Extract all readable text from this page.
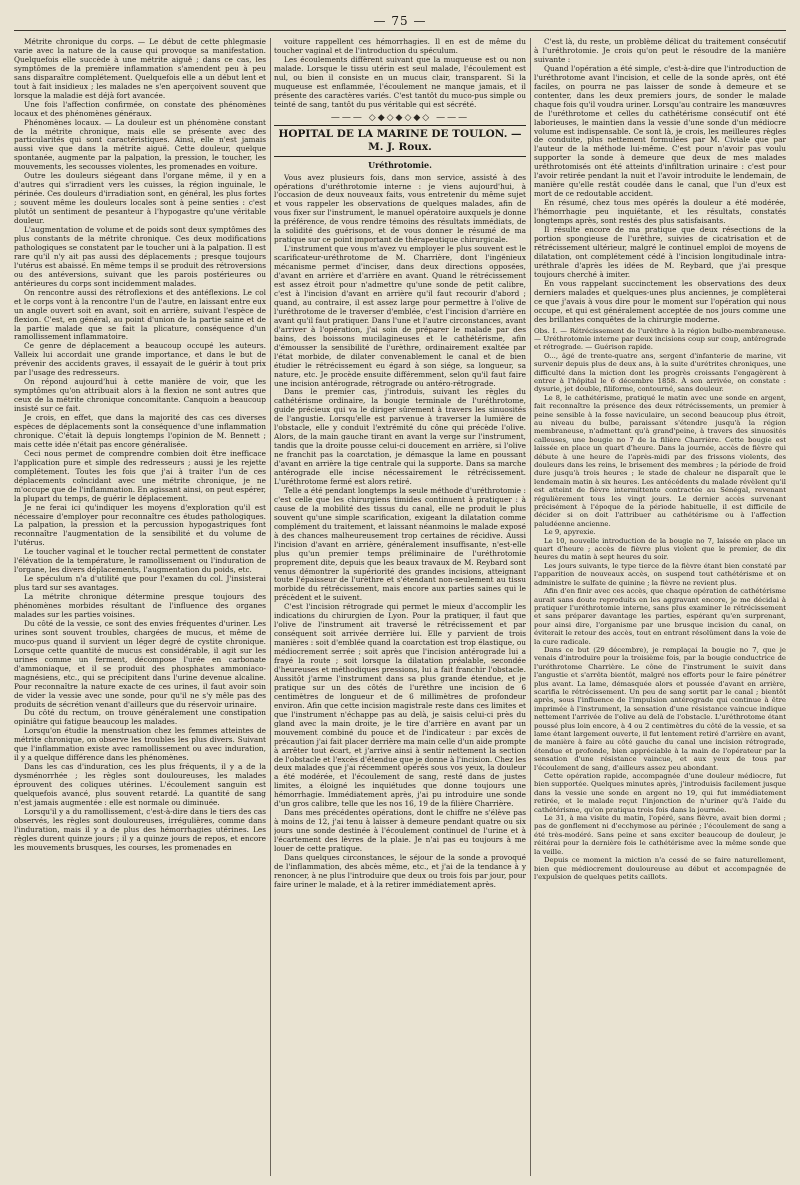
— 75 —

Métrite chronique du corps. — Le début de cette phlegmasie varie avec la nature de la cause qui provoque sa manifestation. Quelquefois elle succède à une métrite aiguë ; dans ce cas, les symptômes de la première inflammation s'amendent peu à peu sans disparaître complétement. Quelquefois elle a un début lent et tout à fait insidieux ; les malades ne s'en aperçoivent souvent que lorsque la maladie est déjà fort avancée.

Une fois l'affection confirmée, on constate des phénomènes locaux et des phénomènes généraux.

Phénomènes locaux. — La douleur est un phénomène constant de la métrite chronique, mais elle se présente avec des particularités qui sont caractéristiques. Ainsi, elle n'est jamais aussi vive que dans la métrite aiguë. Cette douleur, quelque spontanée, augmente par la palpation, la pression, le toucher, les mouvements, les secousses violentes, les promenades en voiture.

Outre les douleurs siégeant dans l'organe même, il y en a d'autres qui s'irradient vers les cuisses, la région inguinale, le périnée. Ces douleurs d'irradiation sont, en général, les plus fortes ; souvent même les douleurs locales sont à peine senties : c'est plutôt un sentiment de pesanteur à l'hypogastre qu'une véritable douleur.

L'augmentation de volume et de poids sont deux symptômes des plus constants de la métrite chronique. Ces deux modifications pathologiques se constatent par le toucher uni à la palpation. Il est rare qu'il n'y ait pas aussi des déplacements ; presque toujours l'utérus est abaissé. En même temps il se produit des rétroversions ou des antéversions, suivant que les parois postérieures ou antérieures du corps sont incidemment malades.

On rencontre aussi des rétroflexions et des antéflexions. Le col et le corps vont à la rencontre l'un de l'autre, en laissant entre eux un angle ouvert soit en avant, soit en arrière, suivant l'espèce de flexion. C'est, en général, au point d'union de la partie saine et de la partie malade que se fait la plicature, conséquence d'un ramollissement inflammatoire.

Ce genre de déplacement a beaucoup occupé les auteurs. Valleix lui accordait une grande importance, et dans le but de prévenir des accidents graves, il essayait de le guérir à tout prix par l'usage des redresseurs.

On répond aujourd'hui à cette manière de voir, que les symptômes qu'on attribuait alors à la flexion ne sont autres que ceux de la métrite chronique concomitante. Canquoin a beaucoup insisté sur ce fait.

Je crois, en effet, que dans la majorité des cas ces diverses espèces de déplacements sont la conséquence d'une inflammation chronique. C'était là depuis longtemps l'opinion de M. Bennett ; mais cette idée n'était pas encore généralisée.

Ceci nous permet de comprendre combien doit être inefficace l'application pure et simple des redresseurs ; aussi je les rejette complétement. Toutes les fois que j'ai à traiter l'un de ces déplacements coïncidant avec une métrite chronique, je ne m'occupe que de l'inflammation. En agissant ainsi, on peut espérer, la plupart du temps, de guérir le déplacement.

Je ne ferai ici qu'indiquer les moyens d'exploration qu'il est nécessaire d'employer pour reconnaître ces études pathologiques. La palpation, la pression et la percussion hypogastriques font reconnaître l'augmentation de la sensibilité et du volume de l'utérus.

Le toucher vaginal et le toucher rectal permettent de constater l'élévation de la température, le ramollissement ou l'induration de l'organe, les divers déplacements, l'augmentation du poids, etc.

Le spéculum n'a d'utilité que pour l'examen du col. J'insisterai plus tard sur ses avantages.

La métrite chronique détermine presque toujours des phénomènes morbides résultant de l'influence des organes malades sur les parties voisines.

Du côté de la vessie, ce sont des envies fréquentes d'uriner. Les urines sont souvent troubles, chargées de mucus, et même de muco-pus quand il survient un léger degré de cystite chronique. Lorsque cette quantité de mucus est considérable, il agit sur les urines comme un ferment, décompose l'urée en carbonate d'ammoniaque, et il se produit des phosphates ammoniaco-magnésiens, etc., qui se précipitent dans l'urine devenue alcaline. Pour reconnaître la nature exacte de ces urines, il faut avoir soin de vider la vessie avec une sonde, pour qu'il ne s'y mêle pas des produits de sécrétion venant d'ailleurs que du réservoir urinaire.

Du côté du rectum, on trouve généralement une constipation opiniâtre qui fatigue beaucoup les malades.

Lorsqu'on étudie la menstruation chez les femmes atteintes de métrite chronique, on observe les troubles les plus divers. Suivant que l'inflammation existe avec ramollissement ou avec induration, il y a quelque différence dans les phénomènes.

Dans les cas d'induration, ces les plus fréquents, il y a de la dysménorrhée ; les règles sont douloureuses, les malades éprouvent des coliques utérines. L'écoulement sanguin est quelquefois avancé, plus souvent retardé. La quantité de sang n'est jamais augmentée : elle est normale ou diminuée.

Lorsqu'il y a du ramollissement, c'est-à-dire dans le tiers des cas observés, les règles sont douloureuses, irrégulières, comme dans l'induration, mais il y a de plus des hémorrhagies utérines. Les règles durent quinze jours ; il y a quinze jours de repos, et encore les mouvements brusques, les courses, les promenades en

voiture rappellent ces hémorrhagies. Il en est de même du toucher vaginal et de l'introduction du spéculum.

Les écoulements diffèrent suivant que la muqueuse est ou non malade. Lorsque le tissu utérin est seul malade, l'écoulement est nul, ou bien il consiste en un mucus clair, transparent. Si la muqueuse est enflammée, l'écoulement ne manque jamais, et il présente des caractères variés. C'est tantôt du muco-pus simple ou teinté de sang, tantôt du pus véritable qui est sécrété.

——— ◇◆◇◆◇◆◇ ———
HOPITAL DE LA MARINE DE TOULON. — M. J. Roux.
Uréthrotomie.

Vous avez plusieurs fois, dans mon service, assisté à des opérations d'uréthrotomie interne : je viens aujourd'hui, à l'occasion de deux nouveaux faits, vous entretenir du même sujet et vous rappeler les observations de quelques malades, afin de vous fixer sur l'instrument, le manuel opératoire auxquels je donne la préférence, de vous rendre témoins des résultats immédiats, de la solidité des guérisons, et de vous donner le résumé de ma pratique sur ce point important de thérapeutique chirurgicale.

L'instrument que vous m'avez vu employer le plus souvent est le scarificateur-uréthrotome de M. Charrière, dont l'ingénieux mécanisme permet d'inciser, dans deux directions opposées, d'avant en arrière et d'arrière en avant. Quand le rétrécissement est assez étroit pour n'admettre qu'une sonde de petit calibre, c'est à l'incision d'avant en arrière qu'il faut recourir d'abord ; quand, au contraire, il est assez large pour permettre à l'olive de l'uréthrotome de le traverser d'emblée, c'est l'incision d'arrière en avant qu'il faut pratiquer. Dans l'une et l'autre circonstances, avant d'arriver à l'opération, j'ai soin de préparer le malade par des bains, des boissons mucilagineuses et le cathétérisme, afin d'émousser la sensibilité de l'urèthre, ordinairement exaltée par l'état morbide, de dilater convenablement le canal et de bien étudier le rétrécissement eu égard à son siége, sa longueur, sa nature, etc. Je procède ensuite différemment, selon qu'il faut faire une incision antérograde, rétrograde ou antéro-rétrograde.

Dans le premier cas, j'introduis, suivant les règles du cathétérisme ordinaire, la bougie terminale de l'uréthrotome, guide précieux qui va le diriger sûrement à travers les sinuosités de l'angustie. Lorsqu'elle est parvenue à traverser la lumière de l'obstacle, elle y conduit l'extrémité du cône qui précède l'olive. Alors, de la main gauche tirant en avant la verge sur l'instrument, tandis que la droite pousse celui-ci doucement en arrière, si l'olive ne franchit pas la coarctation, je démasque la lame en poussant d'avant en arrière la tige centrale qui la supporte. Dans sa marche antérograde elle incise nécessairement le rétrécissement. L'uréthrotome fermé est alors retiré.

Telle a été pendant longtemps la seule méthode d'uréthrotomie : c'est celle que les chirurgiens timides continuent à pratiquer : à cause de la mobilité des tissus du canal, elle ne produit le plus souvent qu'une simple scarification, exigeant la dilatation comme complément du traitement, et laissant néanmoins le malade exposé à des chances malheureusement trop certaines de récidive. Aussi l'incision d'avant en arrière, généralement insuffisante, n'est-elle plus qu'un premier temps préliminaire de l'uréthrotomie proprement dite, depuis que les beaux travaux de M. Reybard sont venus démontrer la supériorité des grandes incisions, atteignant toute l'épaisseur de l'urèthre et s'étendant non-seulement au tissu morbide du rétrécissement, mais encore aux parties saines qui le précèdent et le suivent.

C'est l'incision rétrograde qui permet le mieux d'accomplir les indications du chirurgien de Lyon. Pour la pratiquer, il faut que l'olive de l'instrument ait traversé le rétrécissement et par conséquent soit arrivée derrière lui. Elle y parvient de trois manières : soit d'emblée quand la coarctation est trop élastique, ou médiocrement serrée ; soit après que l'incision antérograde lui a frayé la route ; soit lorsque la dilatation préalable, secondée d'heureuses et méthodiques pressions, lui a fait franchir l'obstacle. Aussitôt j'arme l'instrument dans sa plus grande étendue, et je pratique sur un des côtés de l'urèthre une incision de 6 centimètres de longueur et de 6 millimètres de profondeur environ. Afin que cette incision magistrale reste dans ces limites et que l'instrument n'échappe pas au delà, je saisis celui-ci près du gland avec la main droite, je le tire d'arrière en avant par un mouvement combiné du pouce et de l'indicateur : par excès de précaution j'ai fait placer derrière ma main celle d'un aide prompte à arrêter tout écart, et j'arrive ainsi à sentir nettement la section de l'obstacle et l'excès d'étendue que je donne à l'incision. Chez les deux malades que j'ai récemment opérés sous vos yeux, la douleur a été modérée, et l'écoulement de sang, resté dans de justes limites, a éloigné les inquiétudes que donne toujours une hémorrhagie. Immédiatement après, j'ai pu introduire une sonde d'un gros calibre, telle que les nos 16, 19 de la filière Charrière.

Dans mes précédentes opérations, dont le chiffre ne s'élève pas à moins de 12, j'ai tenu à laisser à demeure pendant quatre ou six jours une sonde destinée à l'écoulement continuel de l'urine et à l'écartement des lèvres de la plaie. Je n'ai pas eu toujours à me louer de cette pratique.

Dans quelques circonstances, le séjour de la sonde a provoqué de l'inflammation, des abcès même, etc., et j'ai de la tendance à y renoncer, à ne plus l'introduire que deux ou trois fois par jour, pour faire uriner le malade, et à la retirer immédiatement après.

C'est là, du reste, un problème délicat du traitement consécutif à l'uréthrotomie. Je crois qu'on peut le résoudre de la manière suivante :

Quand l'opération a été simple, c'est-à-dire que l'introduction de l'uréthrotome avant l'incision, et celle de la sonde après, ont été faciles, on pourra ne pas laisser de sonde à demeure et se contenter, dans les deux premiers jours, de sonder le malade chaque fois qu'il voudra uriner. Lorsqu'au contraire les manœuvres de l'uréthrotome et celles du cathétérisme consécutif ont été laborieuses, le maintien dans la vessie d'une sonde d'un médiocre volume est indispensable. Ce sont là, je crois, les meilleures règles de conduite, plus nettement formulées par M. Civiale que par l'auteur de la méthode lui-même. C'est pour n'avoir pas voulu supporter la sonde à demeure que deux de mes malades uréthrotomisés ont été atteints d'infiltration urinaire : c'est pour l'avoir retirée pendant la nuit et l'avoir introduite le lendemain, de manière qu'elle restât coudée dans le canal, que l'un d'eux est mort de ce redoutable accident.

En résumé, chez tous mes opérés la douleur a été modérée, l'hémorrhagie peu inquiétante, et les résultats, constatés longtemps après, sont restés des plus satisfaisants.

Il résulte encore de ma pratique que deux résections de la portion spongieuse de l'urèthre, suivies de cicatrisation et de rétrécissement ultérieur, malgré le continuel emploi de moyens de dilatation, ont complétement cédé à l'incision longitudinale intra-uréthrale d'après les idées de M. Reybard, que j'ai presque toujours cherché à imiter.

En vous rappelant succinctement les observations des deux derniers malades et quelques-unes plus anciennes, je complèterai ce que j'avais à vous dire pour le moment sur l'opération qui nous occupe, et qui est généralement acceptée de nos jours comme une des brillantes conquêtes de la chirurgie moderne.

Obs. I. — Rétrécissement de l'urèthre à la région bulbo-membraneuse. — Uréthrotomie interne par deux incisions coup sur coup, antérograde et rétrograde. — Guérison rapide.

O..., âgé de trente-quatre ans, sergent d'infanterie de marine, vit survenir depuis plus de deux ans, à la suite d'urétrites chroniques, une difficulté dans la miction dont les progrès croissants l'engagèrent à entrer à l'hôpital le 6 décembre 1858. À son arrivée, on constate : dysurie, jet double, filiforme, contourné, sans douleur.

Le 8, le cathétérisme, pratiqué le matin avec une sonde en argent, fait reconnaître la présence des deux rétrécissements, un premier à peine sensible à la fosse naviculaire, un second beaucoup plus étroit, au niveau du bulbe, paraissant s'étendre jusqu'à la région membraneuse, n'admettant qu'à grand'peine, à travers des sinuosités calleuses, une bougie no 7 de la filière Charrière. Cette bougie est laissée en place un quart d'heure. Dans la journée, accès de fièvre qui débute à une heure de l'après-midi par des frissons violents, des douleurs dans les reins, le brisement des membres ; la période de froid dure jusqu'à trois heures ; le stade de chaleur ne disparaît que le lendemain matin à six heures. Les antécédents du malade révèlent qu'il est atteint de fièvre intermittente contractée au Sénégal, revenant régulièrement tous les vingt jours. Le dernier accès survenant précisément à l'époque de la période habituelle, il est difficile de décider si on doit l'attribuer au cathétérisme ou à l'affection paludéenne ancienne.

Le 9, apyrexie.

Le 10, nouvelle introduction de la bougie no 7, laissée en place un quart d'heure ; accès de fièvre plus violent que le premier, de dix heures du matin à sept heures du soir.

Les jours suivants, le type tierce de la fièvre étant bien constaté par l'apparition de nouveaux accès, on suspend tout cathétérisme et on administre le sulfate de quinine ; la fièvre ne revient plus.

Afin d'en finir avec ces accès, que chaque opération de cathétérisme aurait sans doute reproduits en les aggravant encore, je me décidai à pratiquer l'uréthrotomie interne, sans plus examiner le rétrécissement et sans préparer davantage les parties, espérant qu'en surprenant, pour ainsi dire, l'organisme par une brusque incision du canal, on éviterait le retour des accès, tout en entrant résolûment dans la voie de la cure radicale.

Dans ce but (29 décembre), je remplaçai la bougie no 7, que je venais d'introduire pour la troisième fois, par la bougie conductrice de l'uréthrotome Charrière. Le cône de l'instrument le suivit dans l'angustie et s'arrêta bientôt, malgré nos efforts pour le faire pénétrer plus avant. La lame, démasquée alors et poussée d'avant en arrière, scarifia le rétrécissement. Un peu de sang sortit par le canal ; bientôt après, sous l'influence de l'impulsion antérograde qui continue à être imprimée à l'instrument, la sensation d'une résistance vaincue indique nettement l'arrivée de l'olive au delà de l'obstacle. L'uréthrotome étant poussé plus loin encore, à 4 ou 2 centimètres du côté de la vessie, et sa lame étant largement ouverte, il fut lentement retiré d'arrière en avant, de manière à faire au côté gauche du canal une incision rétrograde, étendue et profonde, bien appréciable à la main de l'opérateur par la sensation d'une résistance vaincue, et aux yeux de tous par l'écoulement de sang, d'ailleurs assez peu abondant.

Cette opération rapide, accompagnée d'une douleur médiocre, fut bien supportée. Quelques minutes après, j'introduisis facilement jusque dans la vessie une sonde en argent no 19, qui fut immédiatement retirée, et le malade reçut l'injonction de n'uriner qu'à l'aide du cathétérisme, qu'on pratiqua trois fois dans la journée.

Le 31, à ma visite du matin, l'opéré, sans fièvre, avait bien dormi ; pas de gonflement ni d'ecchymose au périnée ; l'écoulement de sang a été très-modéré. Sans peine et sans exciter beaucoup de douleur, je réitérai pour la dernière fois le cathétérisme avec la même sonde que la veille.

Depuis ce moment la miction n'a cessé de se faire naturellement, bien que médiocrement douloureuse au début et accompagnée de l'expulsion de quelques petits caillots.
